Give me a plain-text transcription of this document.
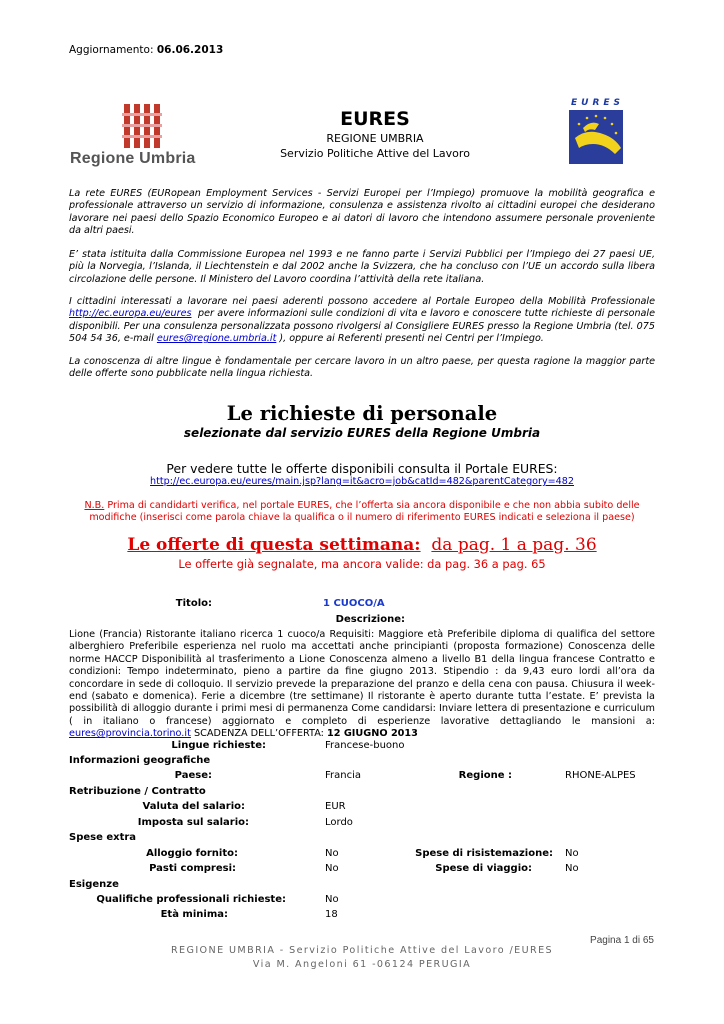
Aggiornamento: 06.06.2013
Regione Umbria
EURES
REGIONE UMBRIA
Servizio Politiche Attive del Lavoro
EURES
La rete EURES (EURopean Employment Services - Servizi Europei per l’Impiego) promuove la mobilità geografica e professionale attraverso un servizio di informazione, consulenza e assistenza rivolto ai cittadini europei che desiderano lavorare nei paesi dello Spazio Economico Europeo e ai datori di lavoro che intendono assumere personale proveniente da altri paesi.
E’ stata istituita dalla Commissione Europea nel 1993 e ne fanno parte i Servizi Pubblici per l’Impiego dei 27 paesi UE, più la Norvegia, l’Islanda, il Liechtenstein e dal 2002 anche la Svizzera, che ha concluso con l’UE un accordo sulla libera circolazione delle persone. Il Ministero del Lavoro coordina l’attività della rete italiana.
I cittadini interessati a lavorare nei paesi aderenti possono accedere al Portale Europeo della Mobilità Professionale http://ec.europa.eu/eures per avere informazioni sulle condizioni di vita e lavoro e conoscere tutte richieste di personale disponibili. Per una consulenza personalizzata possono rivolgersi al Consigliere EURES presso la Regione Umbria (tel. 075 504 54 36, e-mail eures@regione.umbria.it ), oppure ai Referenti presenti nei Centri per l’Impiego.
La conoscenza di altre lingue è fondamentale per cercare lavoro in un altro paese, per questa ragione la maggior parte delle offerte sono pubblicate nella lingua richiesta.
Le richieste di personale
selezionate dal servizio EURES della Regione Umbria
Per vedere tutte le offerte disponibili consulta il Portale EURES:
http://ec.europa.eu/eures/main.jsp?lang=it&acro=job&catId=482&parentCategory=482
N.B. Prima di candidarti verifica, nel portale EURES, che l’offerta sia ancora disponibile e che non abbia subito delle modifiche (inserisci come parola chiave la qualifica o il numero di riferimento EURES indicati e seleziona il paese)
Le offerte di questa settimana: da pag. 1 a pag. 36
Le offerte già segnalate, ma ancora valide: da pag. 36 a pag. 65
Titolo:	1 CUOCO/A
Descrizione:
Lione (Francia) Ristorante italiano ricerca 1 cuoco/a Requisiti: Maggiore età Preferibile diploma di qualifica del settore alberghiero Preferibile esperienza nel ruolo ma accettati anche principianti (proposta formazione) Conoscenza delle norme HACCP Disponibilità al trasferimento a Lione Conoscenza almeno a livello B1 della lingua francese Contratto e condizioni: Tempo indeterminato, pieno a partire da fine giugno 2013. Stipendio : da 9,43 euro lordi all’ora da concordare in sede di colloquio. Il servizio prevede la preparazione del pranzo e della cena con pausa. Chiusura il week-end (sabato e domenica). Ferie a dicembre (tre settimane) Il ristorante è aperto durante tutta l’estate. E’ prevista la possibilità di alloggio durante i primi mesi di permanenza Come candidarsi: Inviare lettera di presentazione e curriculum ( in italiano o francese) aggiornato e completo di esperienze lavorative dettagliando le mansioni a: eures@provincia.torino.it SCADENZA DELL’OFFERTA: 12 GIUGNO 2013
Lingue richieste:	Francese-buono
Informazioni geografiche
Paese:	Francia	Regione :	RHONE-ALPES
Retribuzione / Contratto
Valuta del salario:	EUR
Imposta sul salario:	Lordo
Spese extra
Alloggio fornito:	No	Spese di risistemazione: No
Pasti compresi:	No	Spese di viaggio:	No
Esigenze
Qualifiche professionali richieste:	No
Età minima:	18
Pagina 1 di 65
REGIONE UMBRIA - Servizio Politiche Attive del Lavoro /EURES
Via M. Angeloni 61 -06124 PERUGIA
